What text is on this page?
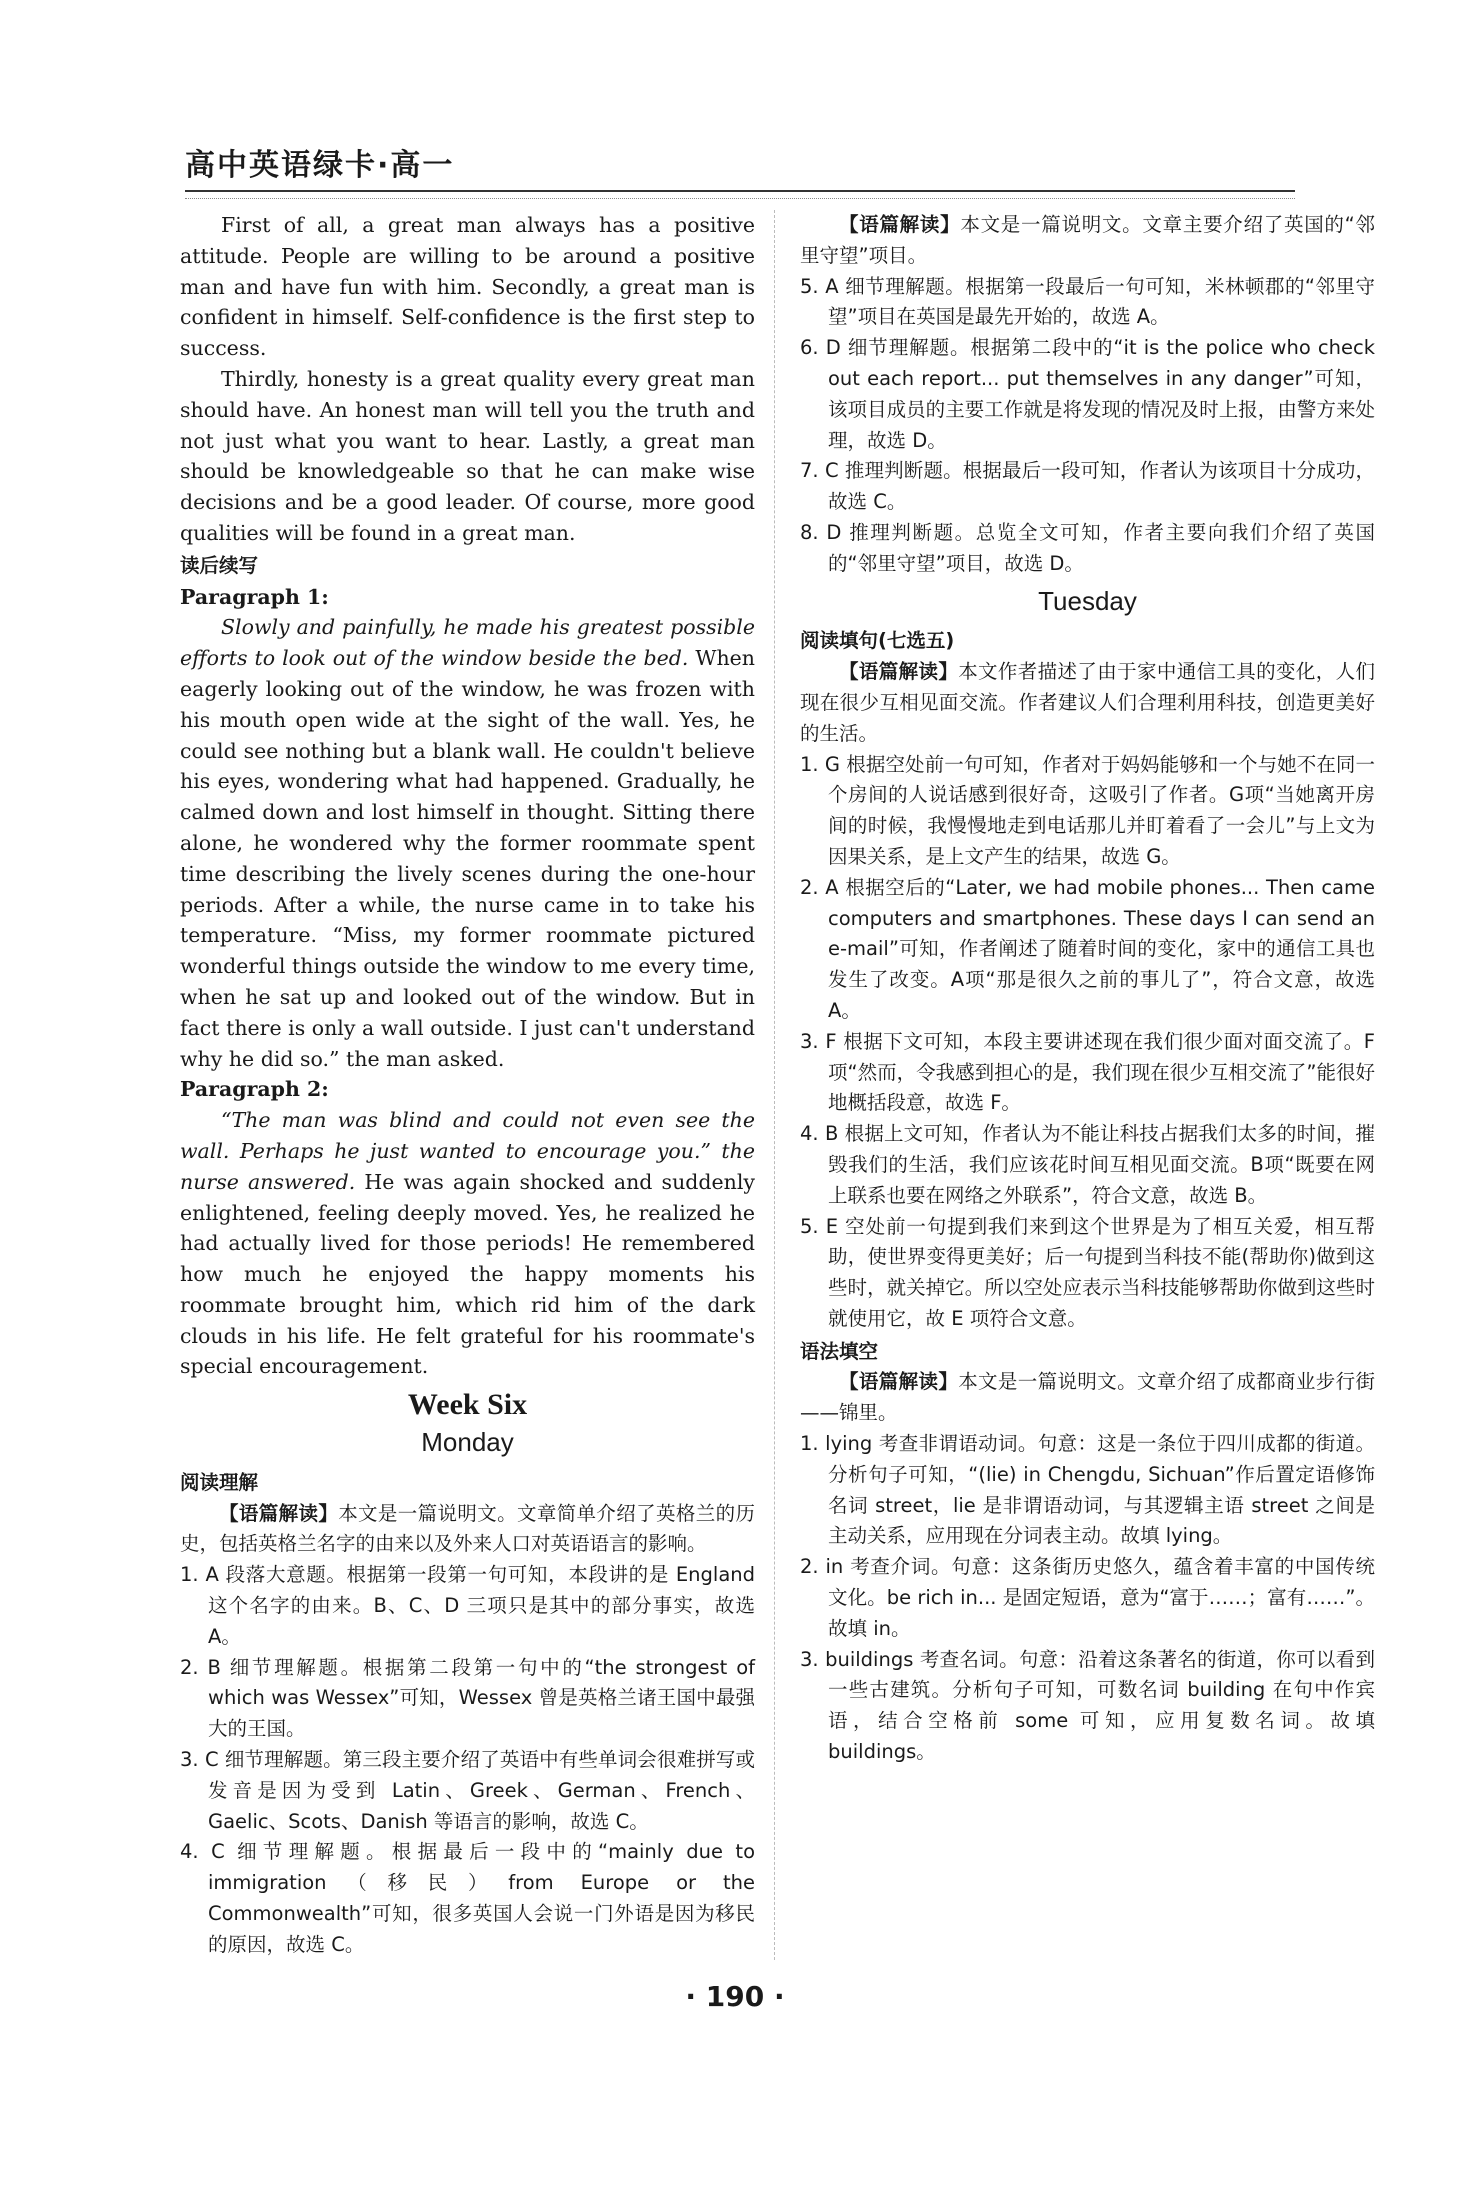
高中英语绿卡·高一

First of all, a great man always has a positive attitude. People are willing to be around a positive man and have fun with him. Secondly, a great man is confident in himself. Self-confidence is the first step to success.

Thirdly, honesty is a great quality every great man should have. An honest man will tell you the truth and not just what you want to hear. Lastly, a great man should be knowledgeable so that he can make wise decisions and be a good leader. Of course, more good qualities will be found in a great man.

读后续写

Paragraph 1:

Slowly and painfully, he made his greatest possible efforts to look out of the window beside the bed. When eagerly looking out of the window, he was frozen with his mouth open wide at the sight of the wall. Yes, he could see nothing but a blank wall. He couldn't believe his eyes, wondering what had happened. Gradually, he calmed down and lost himself in thought. Sitting there alone, he wondered why the former roommate spent time describing the lively scenes during the one-hour periods. After a while, the nurse came in to take his temperature. “Miss, my former roommate pictured wonderful things outside the window to me every time, when he sat up and looked out of the window. But in fact there is only a wall outside. I just can't understand why he did so.” the man asked.

Paragraph 2:

“The man was blind and could not even see the wall. Perhaps he just wanted to encourage you.” the nurse answered. He was again shocked and suddenly enlightened, feeling deeply moved. Yes, he realized he had actually lived for those periods! He remembered how much he enjoyed the happy moments his roommate brought him, which rid him of the dark clouds in his life. He felt grateful for his roommate's special encouragement.

Week Six
Monday

阅读理解

【语篇解读】本文是一篇说明文。文章简单介绍了英格兰的历史，包括英格兰名字的由来以及外来人口对英语语言的影响。

1. A 段落大意题。根据第一段第一句可知，本段讲的是 England 这个名字的由来。B、C、D 三项只是其中的部分事实，故选 A。

2. B 细节理解题。根据第二段第一句中的“the strongest of which was Wessex”可知，Wessex 曾是英格兰诸王国中最强大的王国。

3. C 细节理解题。第三段主要介绍了英语中有些单词会很难拼写或发音是因为受到 Latin、Greek、German、French、Gaelic、Scots、Danish 等语言的影响，故选 C。

4. C 细节理解题。根据最后一段中的“mainly due to immigration（移民）from Europe or the Commonwealth”可知，很多英国人会说一门外语是因为移民的原因，故选 C。

【语篇解读】本文是一篇说明文。文章主要介绍了英国的“邻里守望”项目。

5. A 细节理解题。根据第一段最后一句可知，米林顿郡的“邻里守望”项目在英国是最先开始的，故选 A。

6. D 细节理解题。根据第二段中的“it is the police who check out each report... put themselves in any danger”可知，该项目成员的主要工作就是将发现的情况及时上报，由警方来处理，故选 D。

7. C 推理判断题。根据最后一段可知，作者认为该项目十分成功，故选 C。

8. D 推理判断题。总览全文可知，作者主要向我们介绍了英国的“邻里守望”项目，故选 D。

Tuesday

阅读填句(七选五)

【语篇解读】本文作者描述了由于家中通信工具的变化，人们现在很少互相见面交流。作者建议人们合理利用科技，创造更美好的生活。

1. G 根据空处前一句可知，作者对于妈妈能够和一个与她不在同一个房间的人说话感到很好奇，这吸引了作者。G项“当她离开房间的时候，我慢慢地走到电话那儿并盯着看了一会儿”与上文为因果关系，是上文产生的结果，故选 G。

2. A 根据空后的“Later, we had mobile phones... Then came computers and smartphones. These days I can send an e-mail”可知，作者阐述了随着时间的变化，家中的通信工具也发生了改变。A项“那是很久之前的事儿了”，符合文意，故选 A。

3. F 根据下文可知，本段主要讲述现在我们很少面对面交流了。F项“然而，令我感到担心的是，我们现在很少互相交流了”能很好地概括段意，故选 F。

4. B 根据上文可知，作者认为不能让科技占据我们太多的时间，摧毁我们的生活，我们应该花时间互相见面交流。B项“既要在网上联系也要在网络之外联系”，符合文意，故选 B。

5. E 空处前一句提到我们来到这个世界是为了相互关爱，相互帮助，使世界变得更美好；后一句提到当科技不能(帮助你)做到这些时，就关掉它。所以空处应表示当科技能够帮助你做到这些时就使用它，故 E 项符合文意。

语法填空

【语篇解读】本文是一篇说明文。文章介绍了成都商业步行街——锦里。

1. lying 考查非谓语动词。句意：这是一条位于四川成都的街道。分析句子可知，“(lie) in Chengdu, Sichuan”作后置定语修饰名词 street，lie 是非谓语动词，与其逻辑主语 street 之间是主动关系，应用现在分词表主动。故填 lying。

2. in 考查介词。句意：这条街历史悠久，蕴含着丰富的中国传统文化。be rich in... 是固定短语，意为“富于……；富有……”。故填 in。

3. buildings 考查名词。句意：沿着这条著名的街道，你可以看到一些古建筑。分析句子可知，可数名词 building 在句中作宾语，结合空格前 some 可知，应用复数名词。故填 buildings。

· 190 ·
